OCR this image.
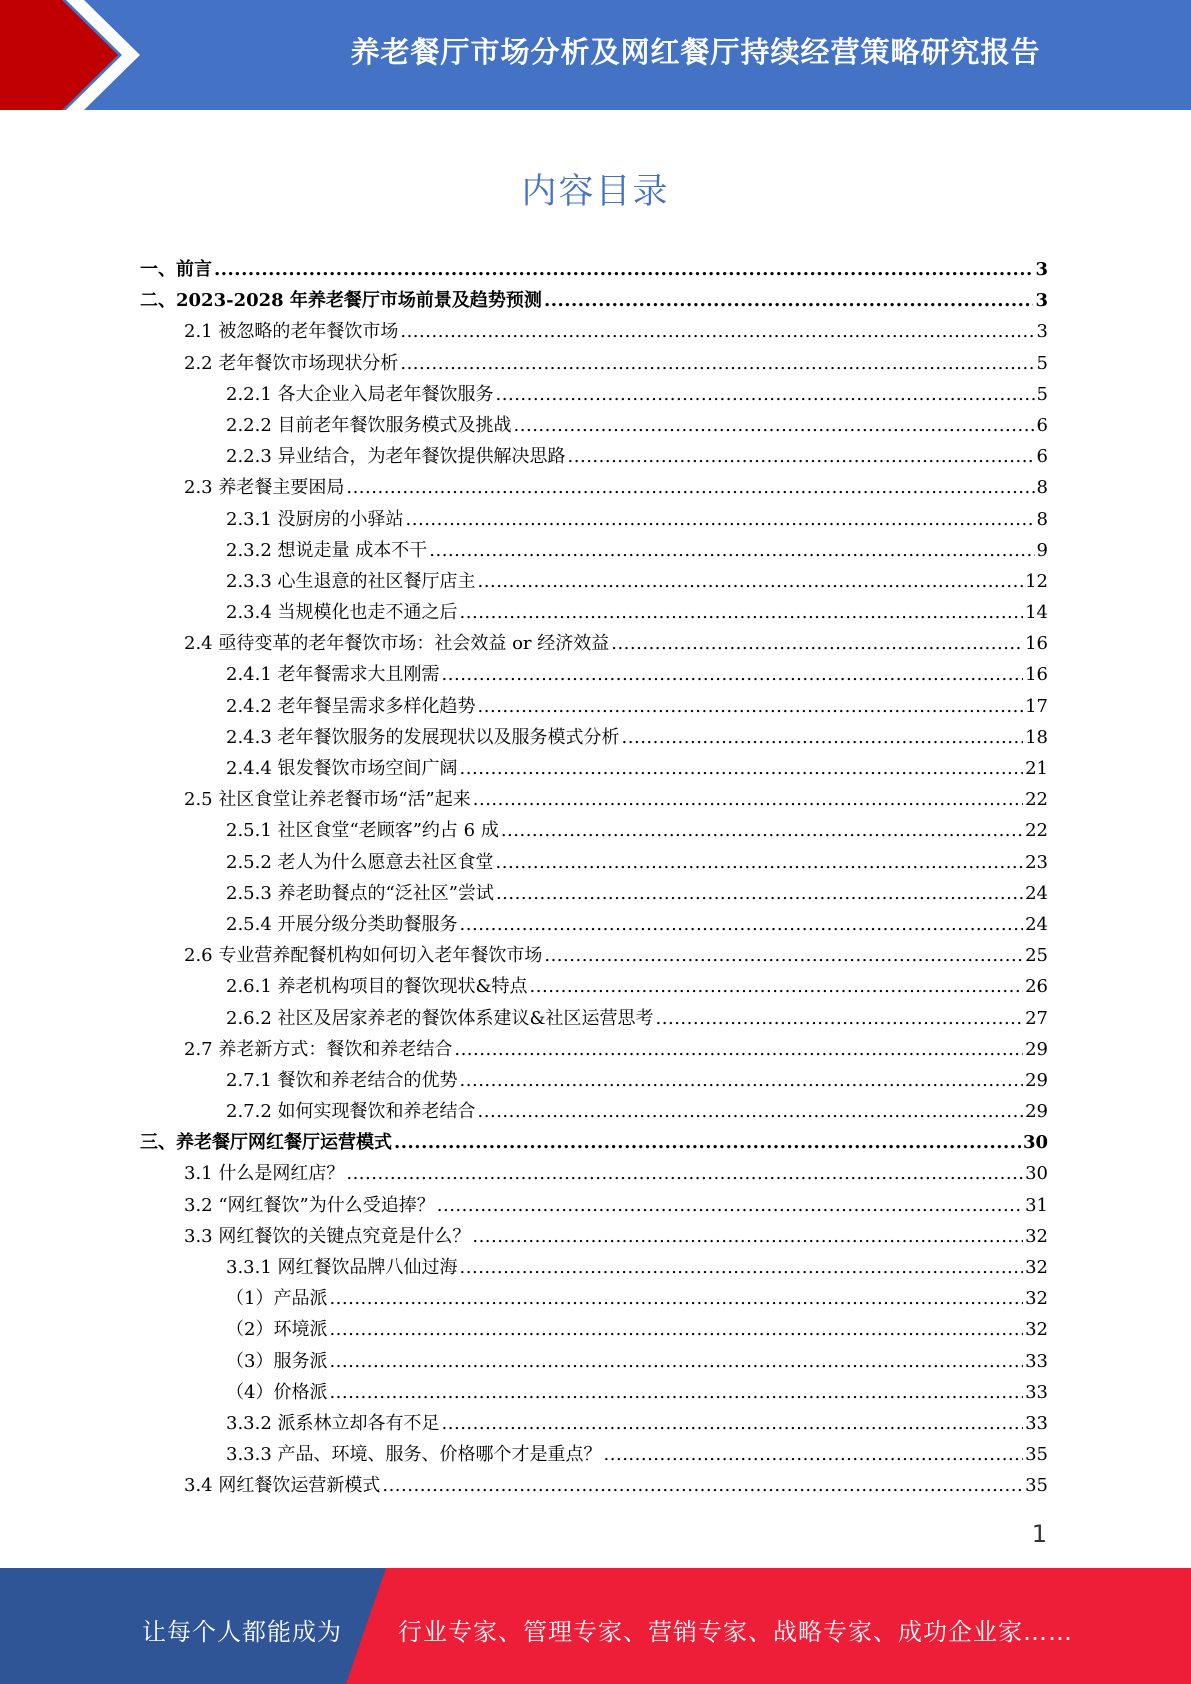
养老餐厅市场分析及网红餐厅持续经营策略研究报告
内容目录
一、前言 .....	3
二、2023-2028 年养老餐厅市场前景及趋势预测 .....	3
2.1 被忽略的老年餐饮市场 .....	3
2.2 老年餐饮市场现状分析 .....	5
2.2.1 各大企业入局老年餐饮服务 .....	5
2.2.2 目前老年餐饮服务模式及挑战 .....	6
2.2.3 异业结合，为老年餐饮提供解决思路 .....	6
2.3 养老餐主要困局 .....	8
2.3.1 没厨房的小驿站 .....	8
2.3.2 想说走量 成本不干 .....	9
2.3.3 心生退意的社区餐厅店主 .....	12
2.3.4 当规模化也走不通之后 .....	14
2.4 亟待变革的老年餐饮市场：社会效益 or 经济效益 .....	16
2.4.1 老年餐需求大且刚需 .....	16
2.4.2 老年餐呈需求多样化趋势 .....	17
2.4.3 老年餐饮服务的发展现状以及服务模式分析 .....	18
2.4.4 银发餐饮市场空间广阔 .....	21
2.5 社区食堂让养老餐市场“活”起来 .....	22
2.5.1 社区食堂“老顾客”约占 6 成 .....	22
2.5.2 老人为什么愿意去社区食堂 .....	23
2.5.3 养老助餐点的“泛社区”尝试 .....	24
2.5.4 开展分级分类助餐服务 .....	24
2.6 专业营养配餐机构如何切入老年餐饮市场 .....	25
2.6.1 养老机构项目的餐饮现状&特点 .....	26
2.6.2 社区及居家养老的餐饮体系建议&社区运营思考 .....	27
2.7 养老新方式：餐饮和养老结合 .....	29
2.7.1 餐饮和养老结合的优势 .....	29
2.7.2 如何实现餐饮和养老结合 .....	29
三、养老餐厅网红餐厅运营模式 .....	30
3.1 什么是网红店？ .....	30
3.2 “网红餐饮”为什么受追捧？ .....	31
3.3 网红餐饮的关键点究竟是什么？ .....	32
3.3.1 网红餐饮品牌八仙过海 .....	32
（1）产品派 .....	32
（2）环境派 .....	32
（3）服务派 .....	33
（4）价格派 .....	33
3.3.2 派系林立却各有不足 .....	33
3.3.3 产品、环境、服务、价格哪个才是重点？ .....	35
3.4 网红餐饮运营新模式 .....	35
1
让每个人都能成为 行业专家、管理专家、营销专家、战略专家、成功企业家……
